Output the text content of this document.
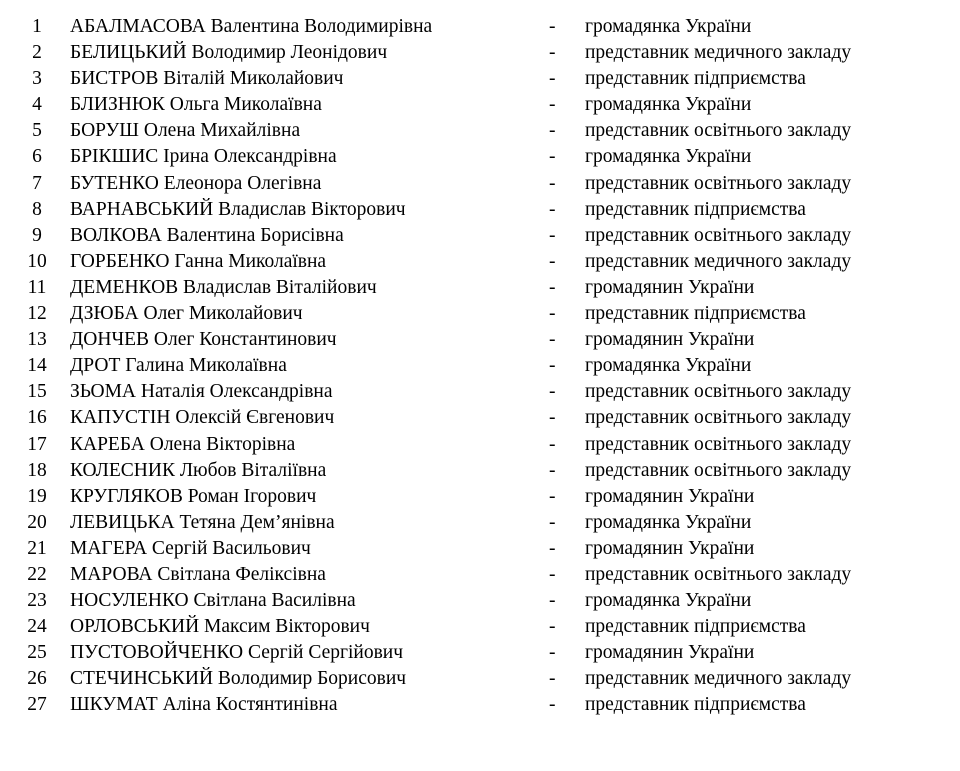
1	АБАЛМАСОВА Валентина Володимирівна	- громадянка України
2	БЕЛИЦЬКИЙ Володимир Леонідович	- представник медичного закладу
3	БИСТРОВ Віталій Миколайович	- представник підприємства
4	БЛИЗНЮК Ольга Миколаївна	- громадянка України
5	БОРУШ Олена Михайлівна	- представник освітнього закладу
6	БРІКШИС Ірина Олександрівна	- громадянка України
7	БУТЕНКО Елеонора Олегівна	- представник освітнього закладу
8	ВАРНАВСЬКИЙ Владислав Вікторович	- представник підприємства
9	ВОЛКОВА Валентина Борисівна	- представник освітнього закладу
10 ГОРБЕНКО Ганна Миколаївна	- представник медичного закладу
11 ДЕМЕНКОВ Владислав Віталійович	- громадянин України
12 ДЗЮБА Олег Миколайович	- представник підприємства
13 ДОНЧЕВ Олег Константинович	- громадянин України
14 ДРОТ Галина Миколаївна	- громадянка України
15 ЗЬОМА Наталія Олександрівна	- представник освітнього закладу
16 КАПУСТІН Олексій Євгенович	- представник освітнього закладу
17 КАРЕБА Олена Вікторівна	- представник освітнього закладу
18 КОЛЕСНИК Любов Віталіївна	- представник освітнього закладу
19 КРУГЛЯКОВ Роман Ігорович	- громадянин України
20 ЛЕВИЦЬКА Тетяна Дем’янівна	- громадянка України
21 МАГЕРА Сергій Васильович	- громадянин України
22 МАРОВА Світлана Феліксівна	- представник освітнього закладу
23 НОСУЛЕНКО Світлана Василівна	- громадянка України
24 ОРЛОВСЬКИЙ Максим Вікторович	- представник підприємства
25 ПУСТОВОЙЧЕНКО Сергій Сергійович	- громадянин України
26 СТЕЧИНСЬКИЙ Володимир Борисович	- представник медичного закладу
27 ШКУМАТ Аліна Костянтинівна	- представник підприємства
